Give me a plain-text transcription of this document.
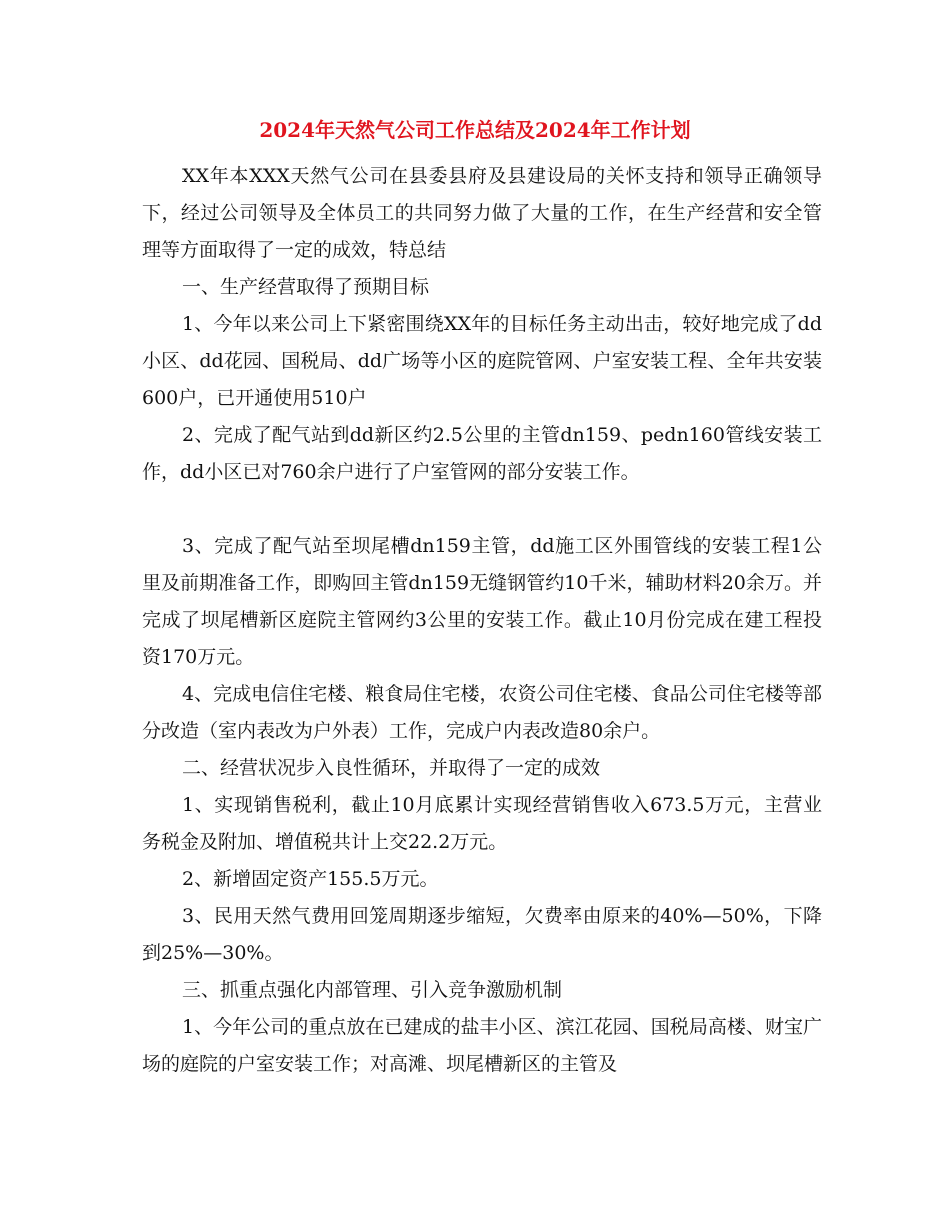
2024年天然气公司工作总结及2024年工作计划

XX年本XXX天然气公司在县委县府及县建设局的关怀支持和领导正确领导下，经过公司领导及全体员工的共同努力做了大量的工作，在生产经营和安全管理等方面取得了一定的成效，特总结

一、生产经营取得了预期目标

1、今年以来公司上下紧密围绕XX年的目标任务主动出击，较好地完成了dd小区、dd花园、国税局、dd广场等小区的庭院管网、户室安装工程、全年共安装600户，已开通使用510户

2、完成了配气站到dd新区约2.5公里的主管dn159、pedn160管线安装工作，dd小区已对760余户进行了户室管网的部分安装工作。

3、完成了配气站至坝尾槽dn159主管，dd施工区外围管线的安装工程1公里及前期准备工作，即购回主管dn159无缝钢管约10千米，辅助材料20余万。并完成了坝尾槽新区庭院主管网约3公里的安装工作。截止10月份完成在建工程投资170万元。

4、完成电信住宅楼、粮食局住宅楼，农资公司住宅楼、食品公司住宅楼等部分改造（室内表改为户外表）工作，完成户内表改造80余户。

二、经营状况步入良性循环，并取得了一定的成效

1、实现销售税利，截止10月底累计实现经营销售收入673.5万元，主营业务税金及附加、增值税共计上交22.2万元。

2、新增固定资产155.5万元。

3、民用天然气费用回笼周期逐步缩短，欠费率由原来的40%—50%，下降到25%—30%。

三、抓重点强化内部管理、引入竞争激励机制

1、今年公司的重点放在已建成的盐丰小区、滨江花园、国税局高楼、财宝广场的庭院的户室安装工作；对高滩、坝尾槽新区的主管及
